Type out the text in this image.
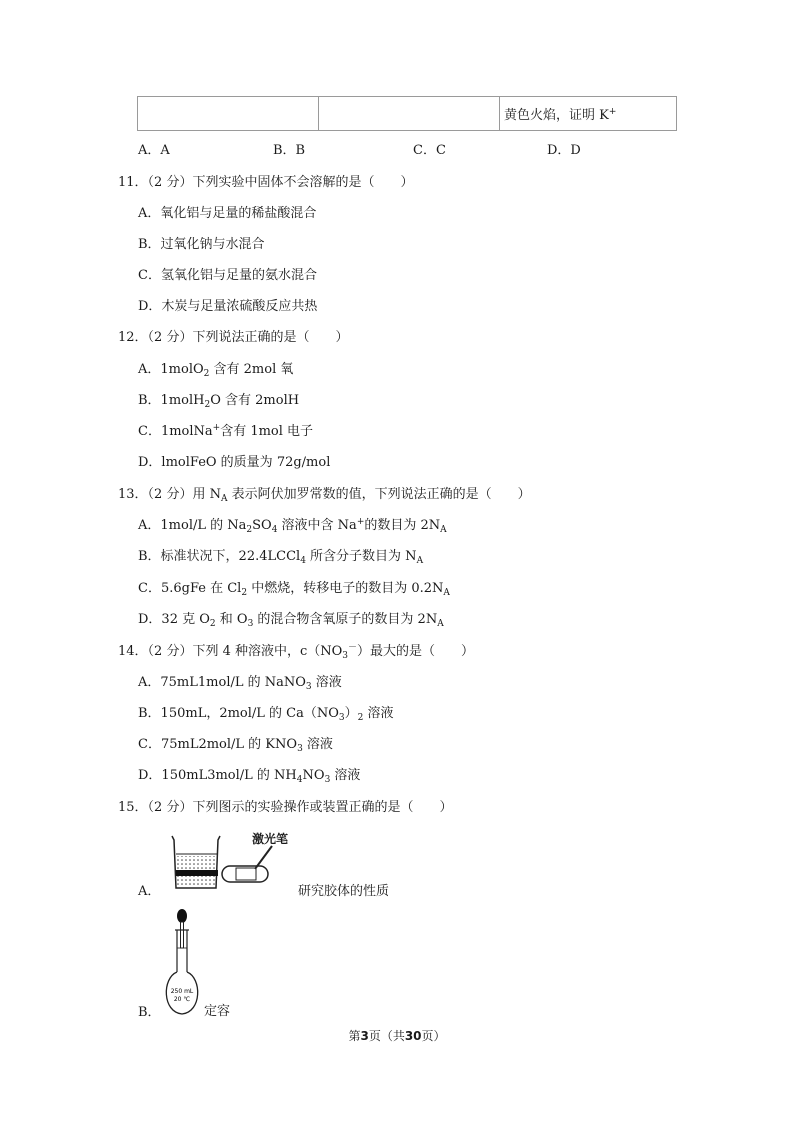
		黄色火焰，证明 K+
A．A	B．B	C．C	D．D
11．（2 分）下列实验中固体不会溶解的是（　　）
A．氧化铝与足量的稀盐酸混合
B．过氧化钠与水混合
C．氢氧化铝与足量的氨水混合
D．木炭与足量浓硫酸反应共热
12．（2 分）下列说法正确的是（　　）
A．1molO$_2$ 含有 2mol 氧
B．1molH$_2$O 含有 2molH
C．1molNa+含有 1mol 电子
D．lmolFeO 的质量为 72g/mol
13．（2 分）用 $N_A$ 表示阿伏加罗常数的值，下列说法正确的是（　　）
A．1mol/L 的 $Na_2SO_4$ 溶液中含 Na+的数目为 $2N_A$
B．标准状况下，22.4LCCl$_4$ 所含分子数目为 $N_A$
C．5.6gFe 在 $Cl_2$ 中燃烧，转移电子的数目为 $0.2N_A$
D．32 克 $O_2$ 和 $O_3$ 的混合物含氧原子的数目为 $2N_A$
14．（2 分）下列 4 种溶液中，$c(NO_3^-)$最大的是（　　）
A．75mL1mol/L 的 NaNO$_3$ 溶液
B．150mL，2mol/L 的 $Ca(NO_3)_2$ 溶液
C．75mL2mol/L 的 $KNO_3$ 溶液
D．150mL3mol/L 的 $NH_4NO_3$ 溶液
15．（2 分）下列图示的实验操作或装置正确的是（　　）
A．
激光笔
研究胶体的性质
B．
250 mL
20 ℃
定容
第3页（共30页）
